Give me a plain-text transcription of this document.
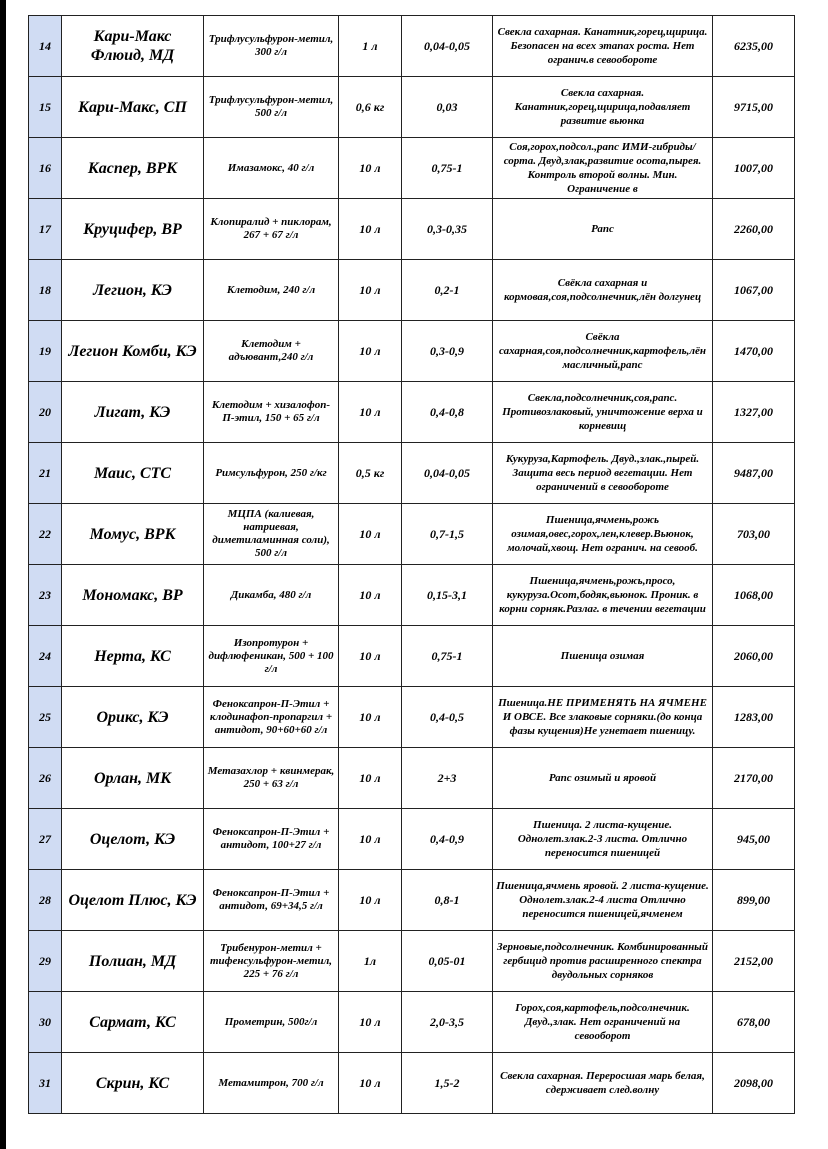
14	Кари-Макс Флюид, МД	Трифлусульфурон-метил, 300 г/л	1 л	0,04-0,05	Свекла сахарная. Канатник,горец,щирица. Безопасен на всех этапах роста. Нет огранич.в севообороте	6235,00
15	Кари-Макс, СП	Трифлусульфурон-метил, 500 г/л	0,6 кг	0,03	Свекла сахарная. Канатник,горец,щирица,подавляет развитие вьюнка	9715,00
16	Каспер, ВРК	Имазамокс, 40 г/л	10 л	0,75-1	Соя,горох,подсол.,рапс ИМИ-гибриды/сорта. Двуд,злак,развитие осота,пырея. Контроль второй волны. Мин. Ограничение в	1007,00
17	Круцифер, ВР	Клопиралид + пиклорам, 267 + 67 г/л	10 л	0,3-0,35	Рапс	2260,00
18	Легион, КЭ	Клетодим, 240 г/л	10 л	0,2-1	Свёкла сахарная и кормовая,соя,подсолнечник,лён долгунец	1067,00
19	Легион Комби, КЭ	Клетодим + адъювант,240 г/л	10 л	0,3-0,9	Свёкла сахарная,соя,подсолнечник,картофель,лён масличный,рапс	1470,00
20	Лигат, КЭ	Клетодим + хизалофоп-П-этил, 150 + 65 г/л	10 л	0,4-0,8	Свекла,подсолнечник,соя,рапс. Противозлаковый, уничтожение верха и корневищ	1327,00
21	Маис, СТС	Римсульфурон, 250 г/кг	0,5 кг	0,04-0,05	Кукуруза,Картофель. Двуд.,злак.,пырей. Защита весь период вегетации. Нет ограничений в севообороте	9487,00
22	Момус, ВРК	МЦПА (калиевая, натриевая, диметиламинная соли), 500 г/л	10 л	0,7-1,5	Пшеница,ячмень,рожь озимая,овес,горох,лен,клевер.Вьюнок, молочай,хвощ. Нет огранич. на севооб.	703,00
23	Мономакс, ВР	Дикамба, 480 г/л	10 л	0,15-3,1	Пшеница,ячмень,рожь,просо, кукуруза.Осот,бодяк,вьюнок. Проник. в корни сорняк.Разлаг. в течении вегетации	1068,00
24	Нерта, КС	Изопротурон + дифлюфеникан, 500 + 100 г/л	10 л	0,75-1	Пшеница озимая	2060,00
25	Орикс, КЭ	Феноксапрон-П-Этил + клодинафоп-пропаргил + антидот, 90+60+60 г/л	10 л	0,4-0,5	Пшеница.НЕ ПРИМЕНЯТЬ НА ЯЧМЕНЕ И ОВСЕ. Все злаковые сорняки.(до конца фазы кущения)Не угнетает пшеницу.	1283,00
26	Орлан, МК	Метазахлор + квинмерак, 250 + 63 г/л	10 л	2+3	Рапс озимый и яровой	2170,00
27	Оцелот, КЭ	Феноксапрон-П-Этил + антидот, 100+27 г/л	10 л	0,4-0,9	Пшеница. 2 листа-кущение. Однолет.злак.2-3 листа. Отлично переносится пшеницей	945,00
28	Оцелот Плюс, КЭ	Феноксапрон-П-Этил + антидот, 69+34,5 г/л	10 л	0,8-1	Пшеница,ячмень яровой. 2 листа-кущение. Однолет.злак.2-4 листа Отлично переносится пшеницей,ячменем	899,00
29	Полиан, МД	Трибенурон-метил + тифенсульфурон-метил, 225 + 76 г/л	1л	0,05-01	Зерновые,подсолнечник. Комбинированный гербицид против расширенного спектра двудольных сорняков	2152,00
30	Сармат, КС	Прометрин, 500г/л	10 л	2,0-3,5	Горох,соя,картофель,подсолнечник. Двуд.,злак. Нет ограничений на севооборот	678,00
31	Скрин, КС	Метамитрон, 700 г/л	10 л	1,5-2	Свекла сахарная. Переросшая марь белая, сдерживает след.волну	2098,00
